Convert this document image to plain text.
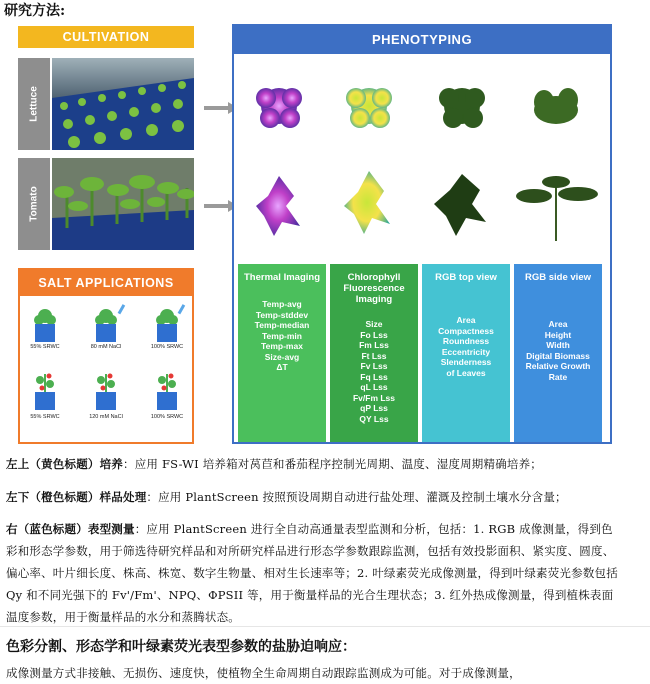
研究方法:
CULTIVATION
Lettuce
Tomato
SALT APPLICATIONS
55% SRWC	80 mM NaCl	100% SRWC
55% SRWC	120 mM NaCl	100% SRWC
PHENOTYPING
Thermal Imaging
Temp-avg
Temp-stddev
Temp-median
Temp-min
Temp-max
Size-avg
ΔT
Chlorophyll Fluorescence Imaging
Size
Fo Lss
Fm Lss
Ft Lss
Fv Lss
Fq Lss
qL Lss
Fv/Fm Lss
qP Lss
QY Lss
RGB top view
Area
Compactness
Roundness
Eccentricity
Slenderness
of Leaves
RGB side view
Area
Height
Width
Digital Biomass
Relative Growth
Rate
左上（黄色标题）培养：应用 FS-WI 培养箱对莴苣和番茄程序控制光周期、温度、湿度周期精确培养；
左下（橙色标题）样品处理：应用 PlantScreen 按照预设周期自动进行盐处理、灌溉及控制土壤水分含量；
右（蓝色标题）表型测量：应用 PlantScreen 进行全自动高通量表型监测和分析，包括：1. RGB 成像测量，得到色彩和形态学参数，用于筛选待研究样品和对所研究样品进行形态学参数跟踪监测，包括有效投影面积、紧实度、圆度、偏心率、叶片细长度、株高、株宽、数字生物量、相对生长速率等；2. 叶绿素荧光成像测量，得到叶绿素荧光参数包括 Qy 和不同光强下的 Fv'/Fm'、NPQ、ΦPSII 等，用于衡量样品的光合生理状态；3. 红外热成像测量，得到植株表面温度参数，用于衡量样品的水分和蒸腾状态。
色彩分割、形态学和叶绿素荧光表型参数的盐胁迫响应：
成像测量方式非接触、无损伤、速度快，使植物全生命周期自动跟踪监测成为可能。对于成像测量，
